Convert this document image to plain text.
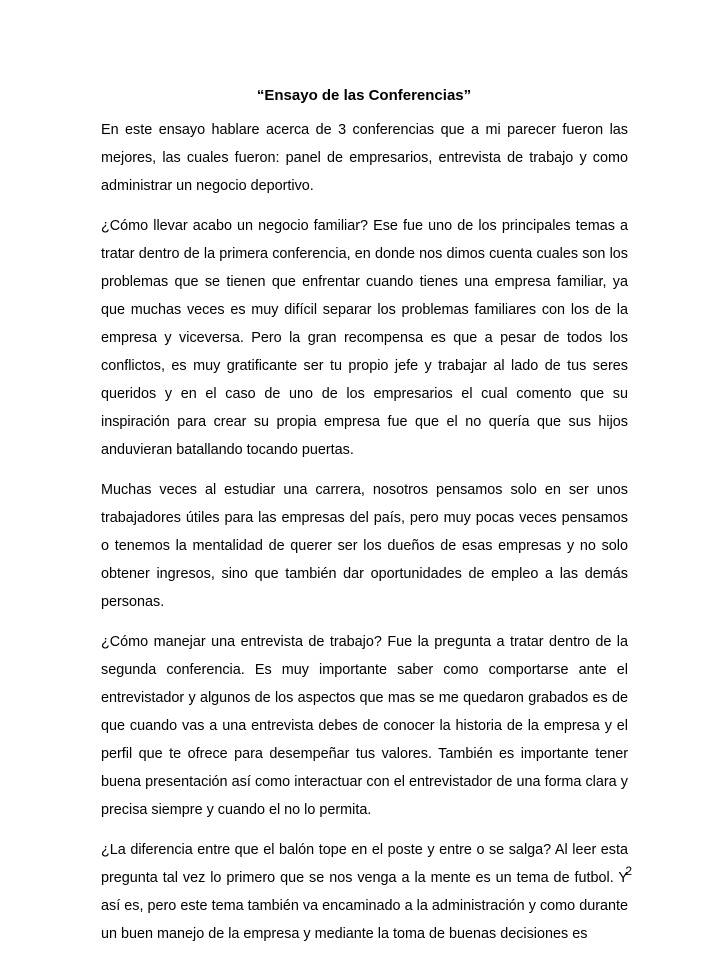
“Ensayo de las Conferencias”

En este ensayo hablare acerca de 3 conferencias que a mi parecer fueron las mejores, las cuales fueron: panel de empresarios, entrevista de trabajo y como administrar un negocio deportivo.

¿Cómo llevar acabo un negocio familiar? Ese fue uno de los principales temas a tratar dentro de la primera conferencia, en donde nos dimos cuenta cuales son los problemas que se tienen que enfrentar cuando tienes una empresa familiar, ya que muchas veces es muy difícil separar los problemas familiares con los de la empresa y viceversa. Pero la gran recompensa es que a pesar de todos los conflictos, es muy gratificante ser tu propio jefe y trabajar al lado de tus seres queridos y en el caso de uno de los empresarios el cual comento que su inspiración para crear su propia empresa fue que el no quería que sus hijos anduvieran batallando tocando puertas.

Muchas veces al estudiar una carrera, nosotros pensamos solo en ser unos trabajadores útiles para las empresas del país, pero muy pocas veces pensamos o tenemos la mentalidad de querer ser los dueños de esas empresas y no solo obtener ingresos, sino que también dar oportunidades de empleo a las demás personas.

¿Cómo manejar una entrevista de trabajo? Fue la pregunta a tratar dentro de la segunda conferencia. Es muy importante saber como comportarse ante el entrevistador y algunos de los aspectos que mas se me quedaron grabados es de que cuando vas a una entrevista debes de conocer la historia de la empresa y el perfil que te ofrece para desempeñar tus valores. También es importante tener buena presentación así como interactuar con el entrevistador de una forma clara y precisa siempre y cuando el no lo permita.

¿La diferencia entre que el balón tope en el poste y entre o se salga? Al leer esta pregunta tal vez lo primero que se nos venga a la mente es un tema de futbol. Y así es, pero este tema también va encaminado a la administración y como durante un buen manejo de la empresa y mediante la toma de buenas decisiones es

2
